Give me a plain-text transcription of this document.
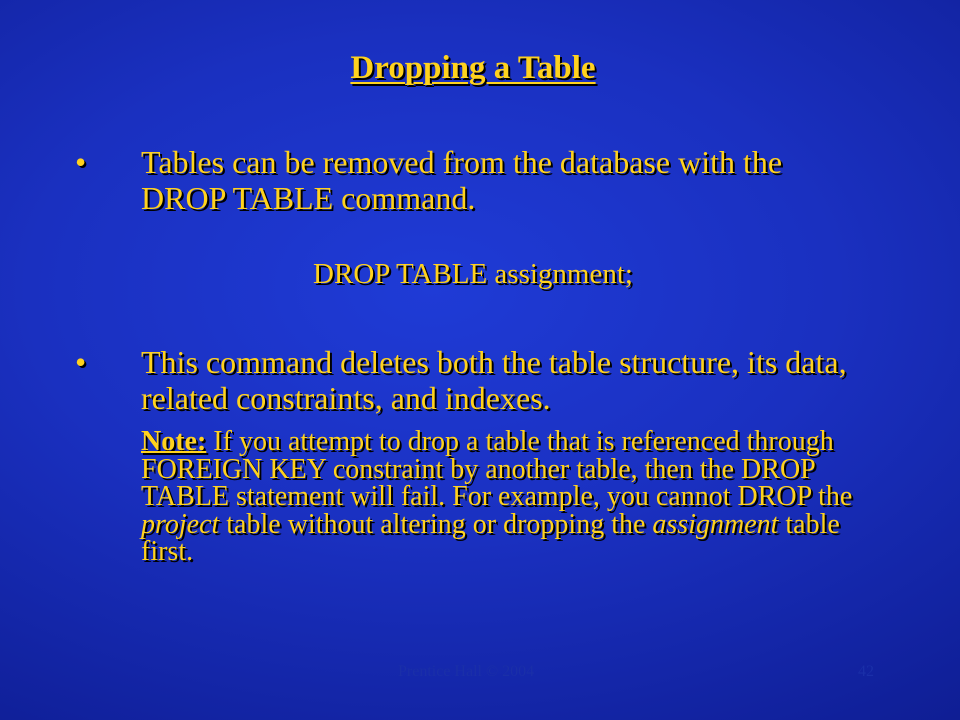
Dropping a Table
• Tables can be removed from the database with the DROP TABLE command.
DROP TABLE assignment;
• This command deletes both the table structure, its data, related constraints, and indexes.
Note: If you attempt to drop a table that is referenced through FOREIGN KEY constraint by another table, then the DROP TABLE statement will fail. For example, you cannot DROP the project table without altering or dropping the assignment table first.
Prentice Hall © 2004	42
